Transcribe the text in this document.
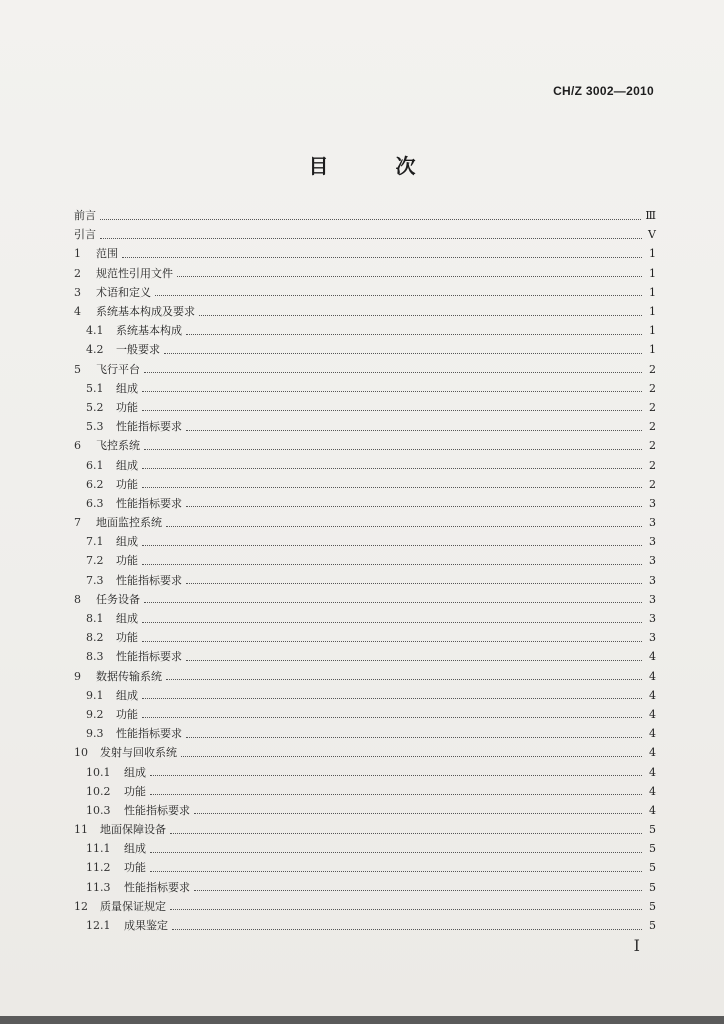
CH/Z 3002—2010
目 次
前言	Ⅲ
引言	Ⅴ
1	范围	1
2	规范性引用文件	1
3	术语和定义	1
4	系统基本构成及要求	1
4.1	系统基本构成	1
4.2	一般要求	1
5	飞行平台	2
5.1	组成	2
5.2	功能	2
5.3	性能指标要求	2
6	飞控系统	2
6.1	组成	2
6.2	功能	2
6.3	性能指标要求	3
7	地面监控系统	3
7.1	组成	3
7.2	功能	3
7.3	性能指标要求	3
8	任务设备	3
8.1	组成	3
8.2	功能	3
8.3	性能指标要求	4
9	数据传输系统	4
9.1	组成	4
9.2	功能	4
9.3	性能指标要求	4
10	发射与回收系统	4
10.1	组成	4
10.2	功能	4
10.3	性能指标要求	4
11	地面保障设备	5
11.1	组成	5
11.2	功能	5
11.3	性能指标要求	5
12	质量保证规定	5
12.1	成果鉴定	5
I
